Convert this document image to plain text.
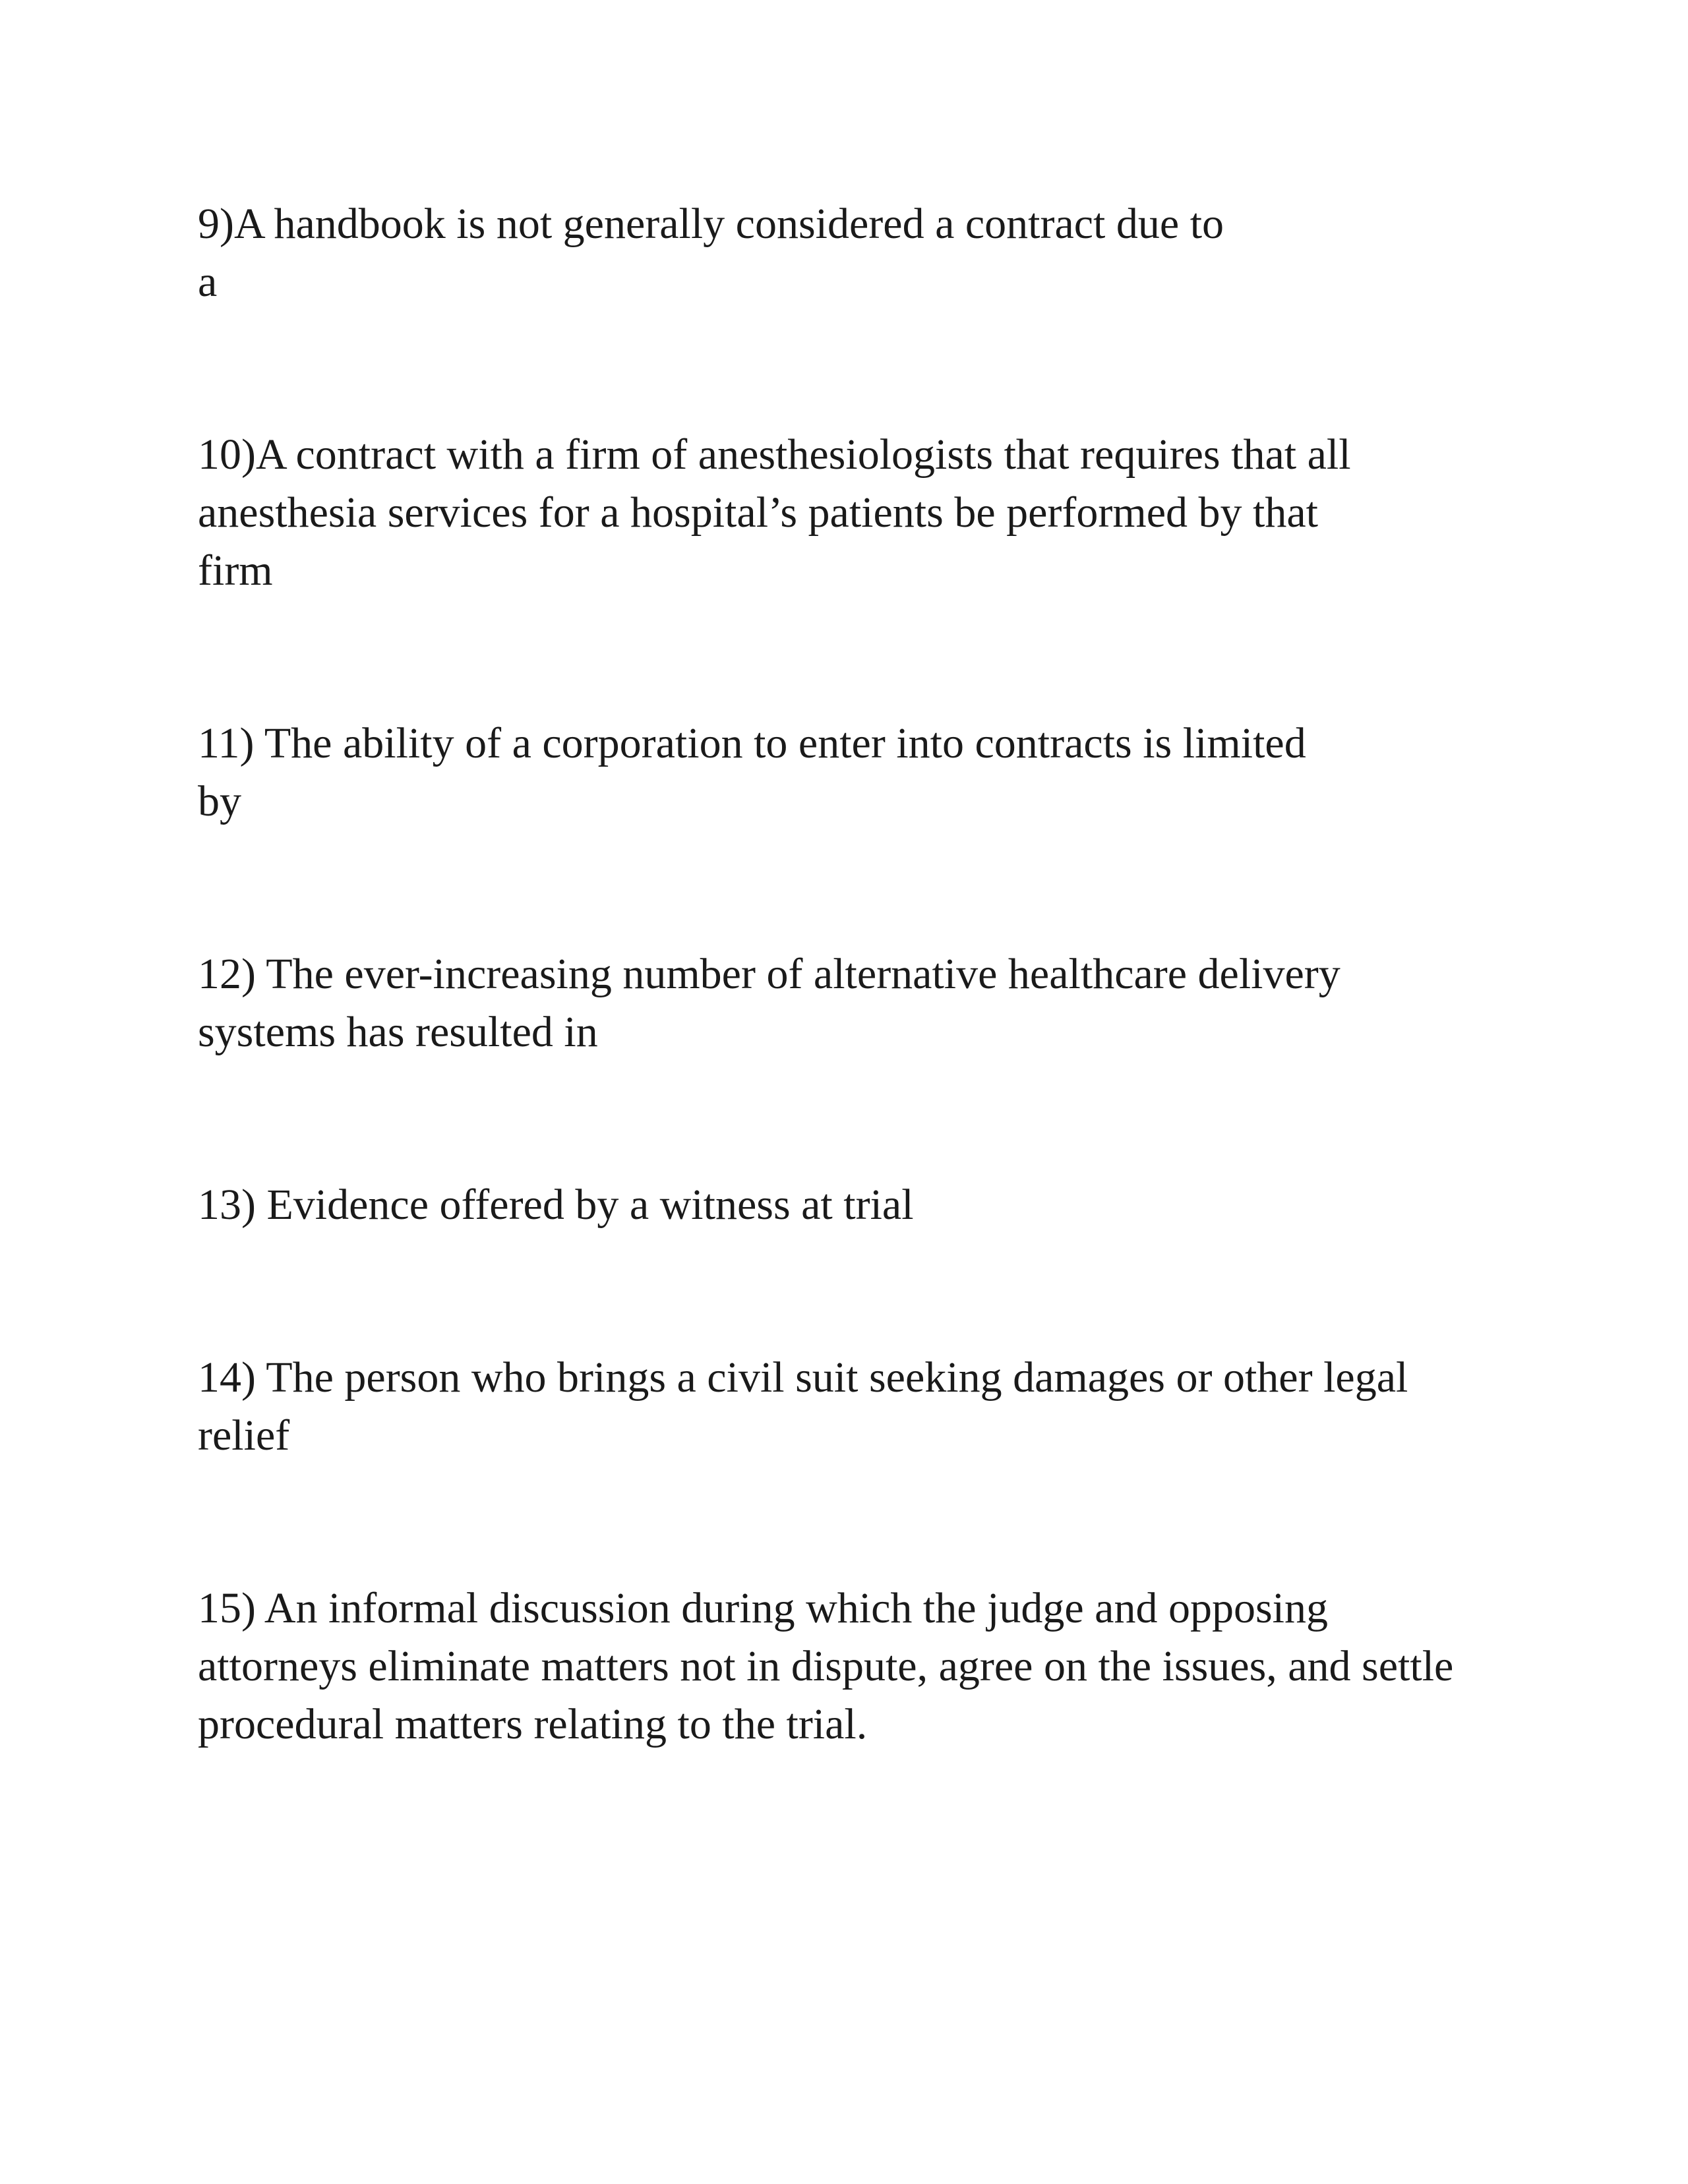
9)A handbook is not generally considered a contract due to
a
10)A contract with a firm of anesthesiologists that requires that all
anesthesia services for a hospital’s patients be performed by that
firm
11) The ability of a corporation to enter into contracts is limited
by
12) The ever-increasing number of alternative healthcare delivery
systems has resulted in
13) Evidence offered by a witness at trial
14) The person who brings a civil suit seeking damages or other legal
relief
15) An informal discussion during which the judge and opposing
attorneys eliminate matters not in dispute, agree on the issues, and settle
procedural matters relating to the trial.
